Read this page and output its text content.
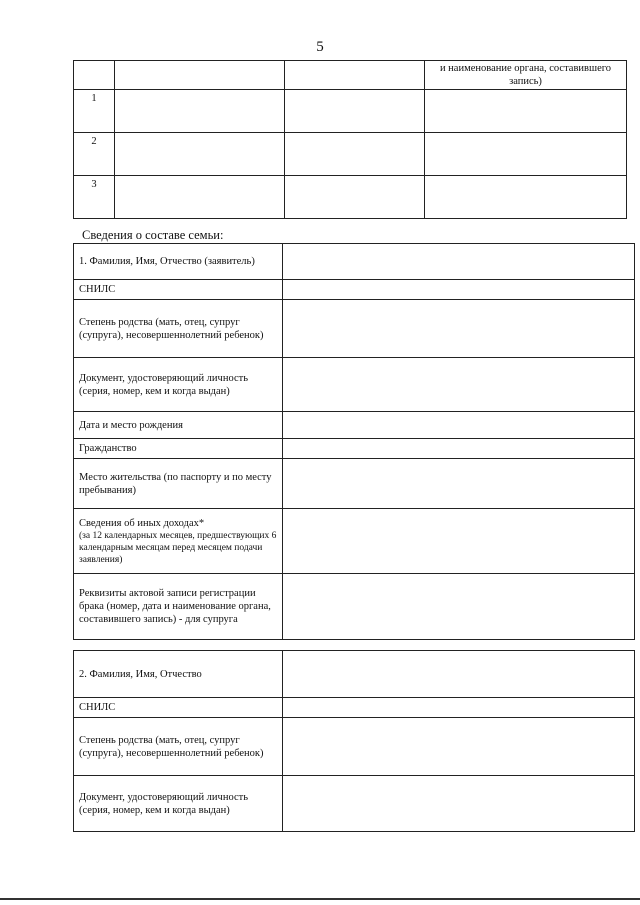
5
			и наименование органа, составившего запись)
1			
2			
3			
Сведения о составе семьи:
1. Фамилия, Имя, Отчество (заявитель)	
СНИЛС	
Степень родства (мать, отец, супруг (супруга), несовершеннолетний ребенок)	
Документ, удостоверяющий личность (серия, номер, кем и когда выдан)	
Дата и место рождения	
Гражданство	
Место жительства (по паспорту и по месту пребывания)	

Сведения об иных доходах*
(за 12 календарных месяцев, предшествующих 6 календарным месяцам перед месяцем подачи заявления)	

Реквизиты актовой записи регистрации брака (номер, дата и наименование органа, составившего запись) - для супруга	
2. Фамилия, Имя, Отчество	
СНИЛС	
Степень родства (мать, отец, супруг (супруга), несовершеннолетний ребенок)	
Документ, удостоверяющий личность (серия, номер, кем и когда выдан)	
